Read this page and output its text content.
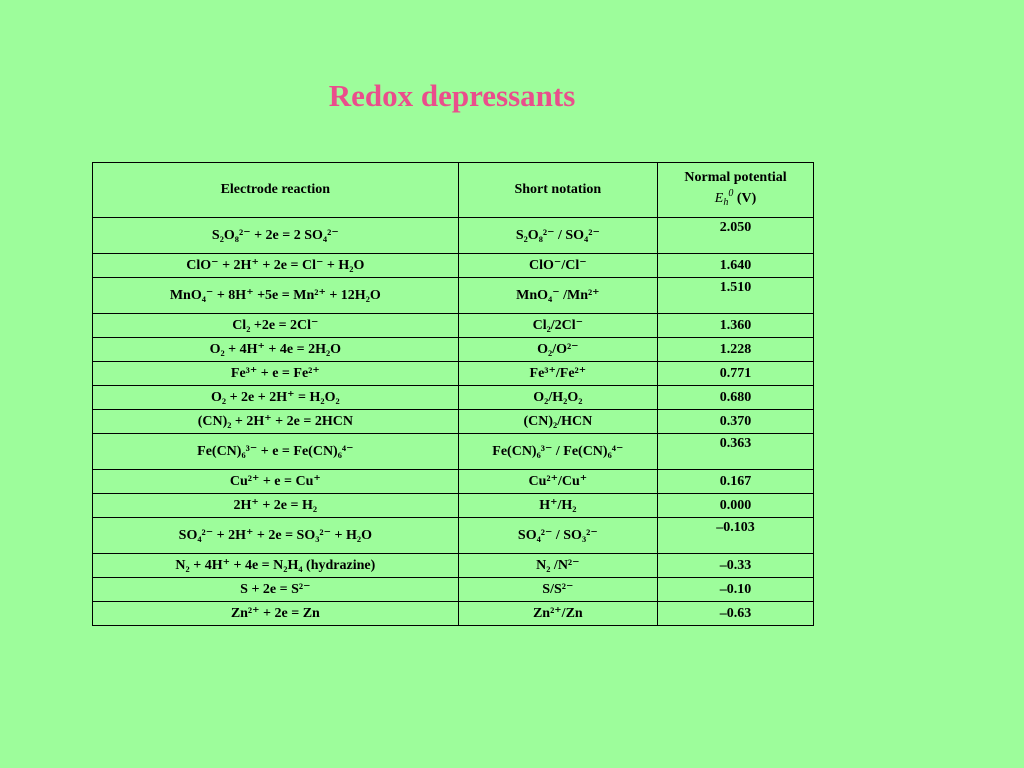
Redox depressants
Electrode reaction	Short notation	Normal potential
$E_h^0$ (V)
S₂O₈²⁻ + 2e = 2 SO₄²⁻	S₂O₈²⁻ / SO₄²⁻	2.050
ClO⁻ + 2H⁺ + 2e = Cl⁻ + H₂O	ClO⁻/Cl⁻	1.640
MnO₄⁻ + 8H⁺ +5e = Mn²⁺ + 12H₂O	MnO₄⁻ /Mn²⁺	1.510
Cl₂ +2e = 2Cl⁻	Cl₂/2Cl⁻	1.360
O₂ + 4H⁺ + 4e = 2H₂O	O₂/O²⁻	1.228
Fe³⁺ + e = Fe²⁺	Fe³⁺/Fe²⁺	0.771
O₂ + 2e + 2H⁺ = H₂O₂	O₂/H₂O₂	0.680
(CN)₂ + 2H⁺ + 2e = 2HCN	(CN)₂/HCN	0.370
Fe(CN)₆³⁻ + e = Fe(CN)₆⁴⁻	Fe(CN)₆³⁻ / Fe(CN)₆⁴⁻	0.363
Cu²⁺ + e = Cu⁺	Cu²⁺/Cu⁺	0.167
2H⁺ + 2e = H₂	H⁺/H₂	0.000
SO₄²⁻ + 2H⁺ + 2e = SO₃²⁻ + H₂O	SO₄²⁻ / SO₃²⁻	–0.103
N₂ + 4H⁺ + 4e = N₂H₄ (hydrazine)	N₂ /N²⁻	–0.33
S + 2e = S²⁻	S/S²⁻	–0.10
Zn²⁺ + 2e = Zn	Zn²⁺/Zn	–0.63
